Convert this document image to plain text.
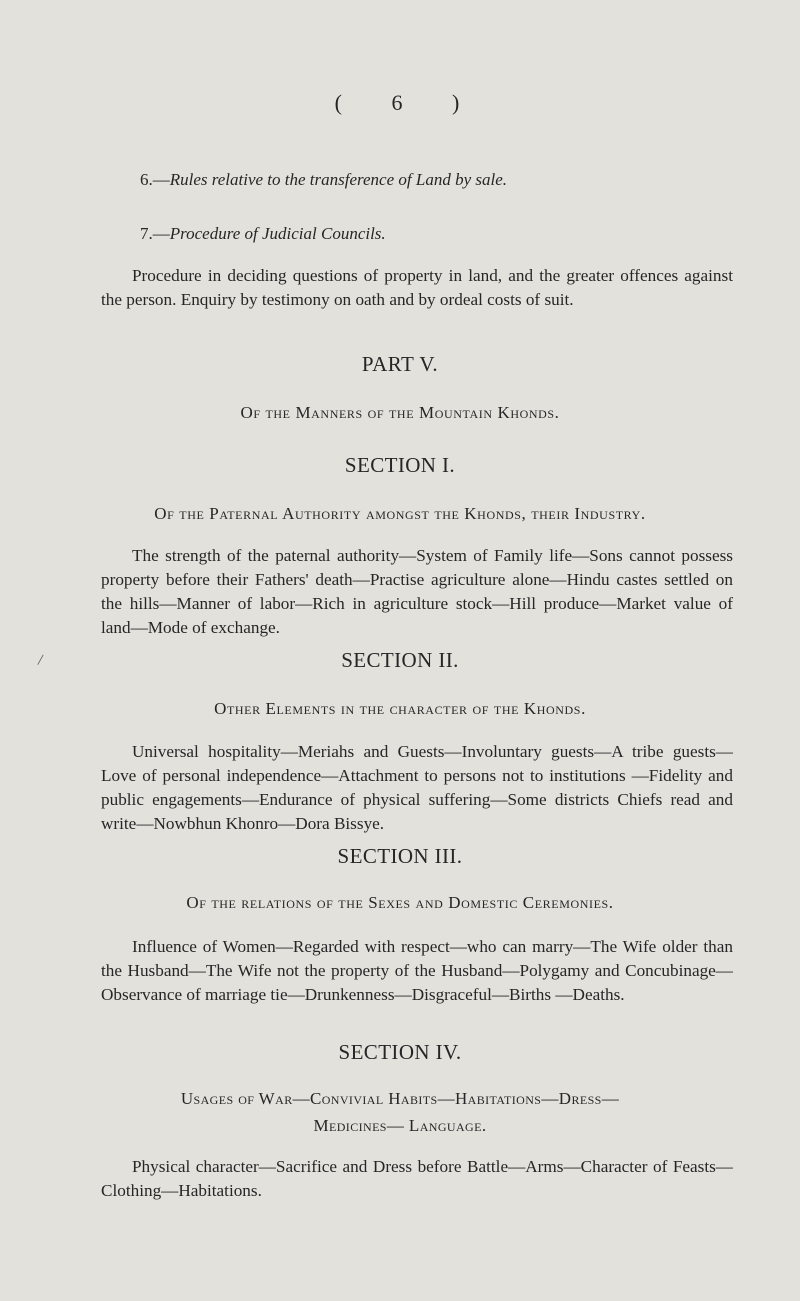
( 6 )
6.—Rules relative to the transference of Land by sale.
7.—Procedure of Judicial Councils.

Procedure in deciding questions of property in land, and the greater offences against the person. Enquiry by testimony on oath and by ordeal costs of suit.

PART V.
Of the Manners of the Mountain Khonds.
SECTION I.
Of the Paternal Authority amongst the Khonds, their Industry.

The strength of the paternal authority—System of Family life—Sons cannot possess property before their Fathers' death—Practise agriculture alone—Hindu castes settled on the hills—Manner of labor—Rich in agriculture stock—Hill produce—Market value of land—Mode of exchange.

/	SECTION II.
Other Elements in the character of the Khonds.

Universal hospitality—Meriahs and Guests—Involuntary guests—A tribe guests—Love of personal independence—Attachment to persons not to institutions —Fidelity and public engagements—Endurance of physical suffering—Some districts Chiefs read and write—Nowbhun Khonro—Dora Bissye.

SECTION III.
Of the relations of the Sexes and Domestic Ceremonies.

Influence of Women—Regarded with respect—who can marry—The Wife older than the Husband—The Wife not the property of the Husband—Polygamy and Concubinage—Observance of marriage tie—Drunkenness—Disgraceful—Births —Deaths.

SECTION IV.
Usages of War—Convivial Habits—Habitations—Dress—Medicines— Language.

Physical character—Sacrifice and Dress before Battle—Arms—Character of Feasts—Clothing—Habitations.
